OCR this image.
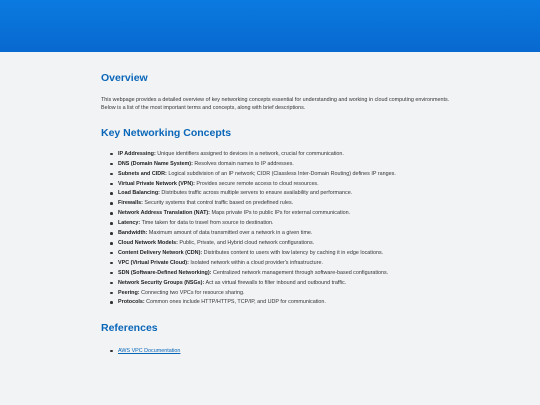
Overview

This webpage provides a detailed overview of key networking concepts essential for understanding and working in cloud computing environments. Below is a list of the most important terms and concepts, along with brief descriptions.

Key Networking Concepts
IP Addressing: Unique identifiers assigned to devices in a network, crucial for communication.
DNS (Domain Name System): Resolves domain names to IP addresses.
Subnets and CIDR: Logical subdivision of an IP network; CIDR (Classless Inter-Domain Routing) defines IP ranges.
Virtual Private Network (VPN): Provides secure remote access to cloud resources.
Load Balancing: Distributes traffic across multiple servers to ensure availability and performance.
Firewalls: Security systems that control traffic based on predefined rules.
Network Address Translation (NAT): Maps private IPs to public IPs for external communication.
Latency: Time taken for data to travel from source to destination.
Bandwidth: Maximum amount of data transmitted over a network in a given time.
Cloud Network Models: Public, Private, and Hybrid cloud network configurations.
Content Delivery Network (CDN): Distributes content to users with low latency by caching it in edge locations.
VPC (Virtual Private Cloud): Isolated network within a cloud provider's infrastructure.
SDN (Software-Defined Networking): Centralized network management through software-based configurations.
Network Security Groups (NSGs): Act as virtual firewalls to filter inbound and outbound traffic.
Peering: Connecting two VPCs for resource sharing.
Protocols: Common ones include HTTP/HTTPS, TCP/IP, and UDP for communication.
References
AWS VPC Documentation
